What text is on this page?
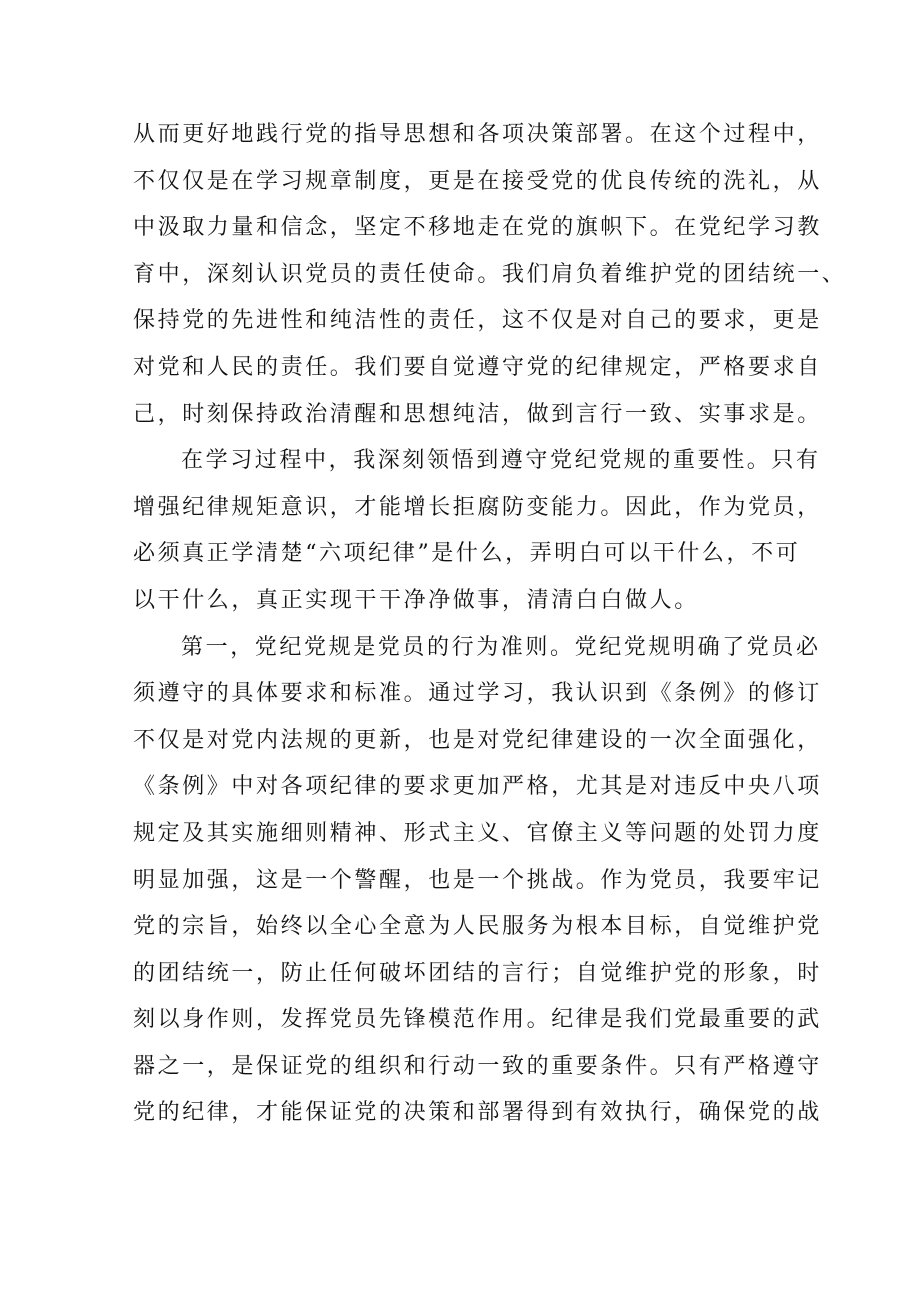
从而更好地践行党的指导思想和各项决策部署。在这个过程中，
不仅仅是在学习规章制度，更是在接受党的优良传统的洗礼，从
中汲取力量和信念，坚定不移地走在党的旗帜下。在党纪学习教
育中，深刻认识党员的责任使命。我们肩负着维护党的团结统一、
保持党的先进性和纯洁性的责任，这不仅是对自己的要求，更是
对党和人民的责任。我们要自觉遵守党的纪律规定，严格要求自
己，时刻保持政治清醒和思想纯洁，做到言行一致、实事求是。
在学习过程中，我深刻领悟到遵守党纪党规的重要性。只有
增强纪律规矩意识，才能增长拒腐防变能力。因此，作为党员，
必须真正学清楚“六项纪律”是什么，弄明白可以干什么，不可
以干什么，真正实现干干净净做事，清清白白做人。
第一，党纪党规是党员的行为准则。党纪党规明确了党员必
须遵守的具体要求和标准。通过学习，我认识到《条例》的修订
不仅是对党内法规的更新，也是对党纪律建设的一次全面强化，
《条例》中对各项纪律的要求更加严格，尤其是对违反中央八项
规定及其实施细则精神、形式主义、官僚主义等问题的处罚力度
明显加强，这是一个警醒，也是一个挑战。作为党员，我要牢记
党的宗旨，始终以全心全意为人民服务为根本目标，自觉维护党
的团结统一，防止任何破坏团结的言行；自觉维护党的形象，时
刻以身作则，发挥党员先锋模范作用。纪律是我们党最重要的武
器之一，是保证党的组织和行动一致的重要条件。只有严格遵守
党的纪律，才能保证党的决策和部署得到有效执行，确保党的战
